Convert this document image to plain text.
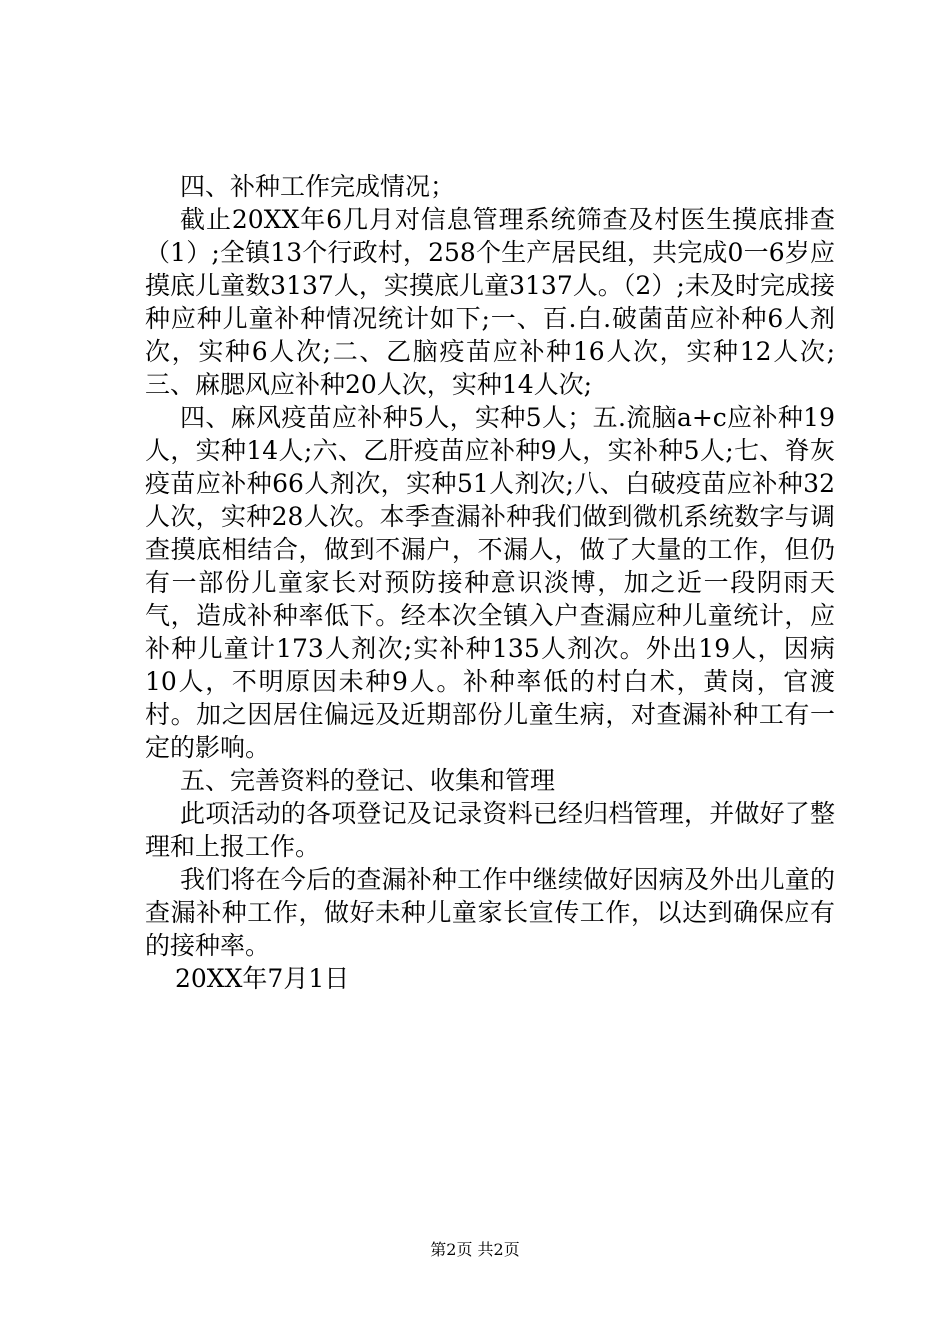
四、补种工作完成情况；

截止20XX年6几月对信息管理系统筛查及村医生摸底排查（1）;全镇13个行政村，258个生产居民组，共完成0一6岁应摸底儿童数3137人，实摸底儿童3137人。（2）;未及时完成接种应种儿童补种情况统计如下;一、百.白.破菌苗应补种6人剂次，实种6人次;二、乙脑疫苗应补种16人次，实种12人次;三、麻腮风应补种20人次，实种14人次;

四、麻风疫苗应补种5人，实种5人；五.流脑a+c应补种19人，实种14人;六、乙肝疫苗应补种9人，实补种5人;七、脊灰疫苗应补种66人剂次，实种51人剂次;八、白破疫苗应补种32人次，实种28人次。本季查漏补种我们做到微机系统数字与调查摸底相结合，做到不漏户，不漏人，做了大量的工作，但仍有一部份儿童家长对预防接种意识淡博，加之近一段阴雨天气，造成补种率低下。经本次全镇入户查漏应种儿童统计，应补种儿童计173人剂次;实补种135人剂次。外出19人，因病10人，不明原因未种9人。补种率低的村白术，黄岗，官渡村。加之因居住偏远及近期部份儿童生病，对查漏补种工有一定的影响。

五、完善资料的登记、收集和管理

此项活动的各项登记及记录资料已经归档管理，并做好了整理和上报工作。

我们将在今后的查漏补种工作中继续做好因病及外出儿童的查漏补种工作，做好未种儿童家长宣传工作，以达到确保应有的接种率。

20XX年7月1日

第2页 共2页
